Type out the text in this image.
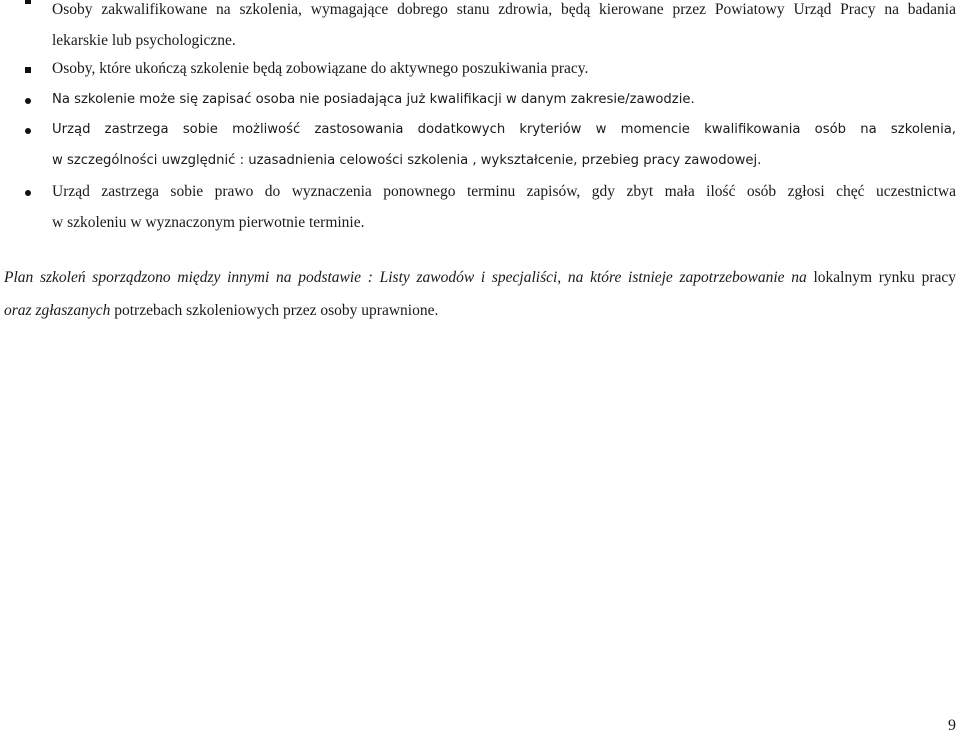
Osoby zakwalifikowane na szkolenia, wymagające dobrego stanu zdrowia, będą kierowane przez Powiatowy Urząd Pracy na badania
lekarskie lub psychologiczne.
Osoby, które ukończą szkolenie będą zobowiązane do aktywnego poszukiwania pracy.
Na szkolenie może się zapisać osoba nie posiadająca już kwalifikacji w danym zakresie/zawodzie.
Urząd zastrzega sobie możliwość zastosowania dodatkowych kryteriów w momencie kwalifikowania osób na szkolenia,
w szczególności uwzględnić : uzasadnienia celowości szkolenia , wykształcenie, przebieg pracy zawodowej.
Urząd zastrzega sobie prawo do wyznaczenia ponownego terminu zapisów, gdy zbyt mała ilość osób zgłosi chęć uczestnictwa
w szkoleniu w wyznaczonym pierwotnie terminie.
Plan szkoleń sporządzono między innymi na podstawie : Listy zawodów i specjaliści, na które istnieje zapotrzebowanie na lokalnym rynku pracy
oraz zgłaszanych potrzebach szkoleniowych przez osoby uprawnione.
9
